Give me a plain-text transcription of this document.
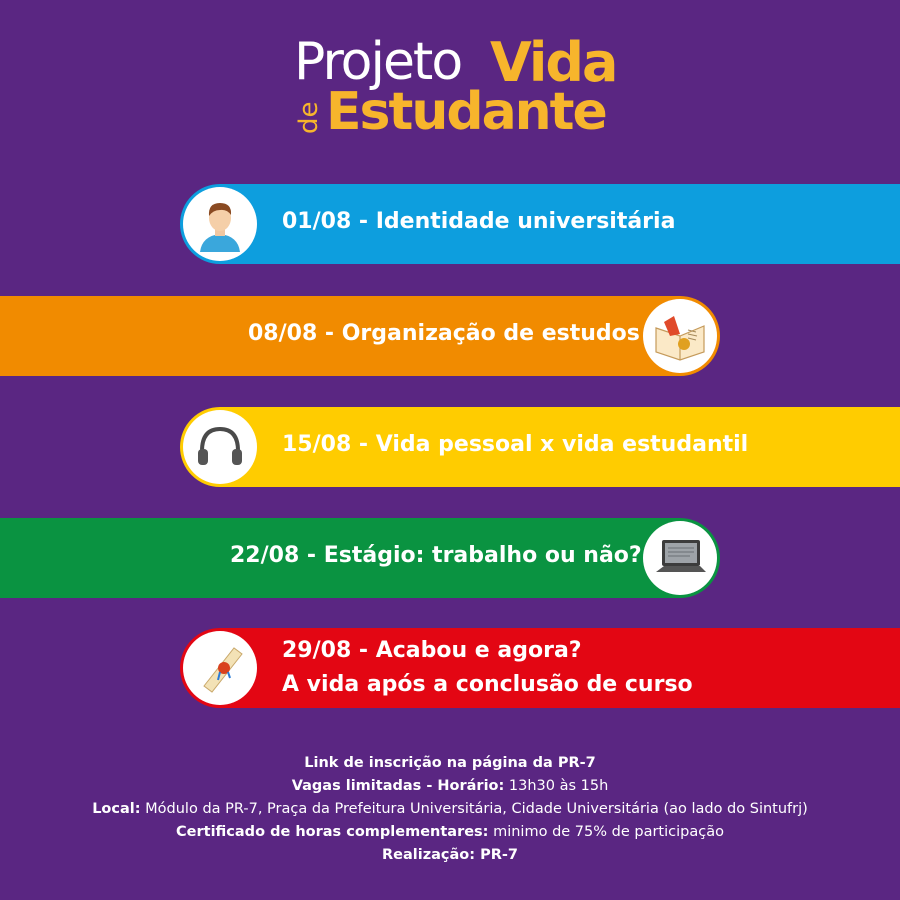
Projeto Vida
de Estudante
01/08 - Identidade universitária
08/08 - Organização de estudos
15/08 - Vida pessoal x vida estudantil
22/08 - Estágio: trabalho ou não?
29/08 - Acabou e agora?
A vida após a conclusão de curso
Link de inscrição na página da PR-7
Vagas limitadas - Horário: 13h30 às 15h
Local: Módulo da PR-7, Praça da Prefeitura Universitária, Cidade Universitária (ao lado do Sintufrj)
Certificado de horas complementares: minimo de 75% de participação
Realização: PR-7
